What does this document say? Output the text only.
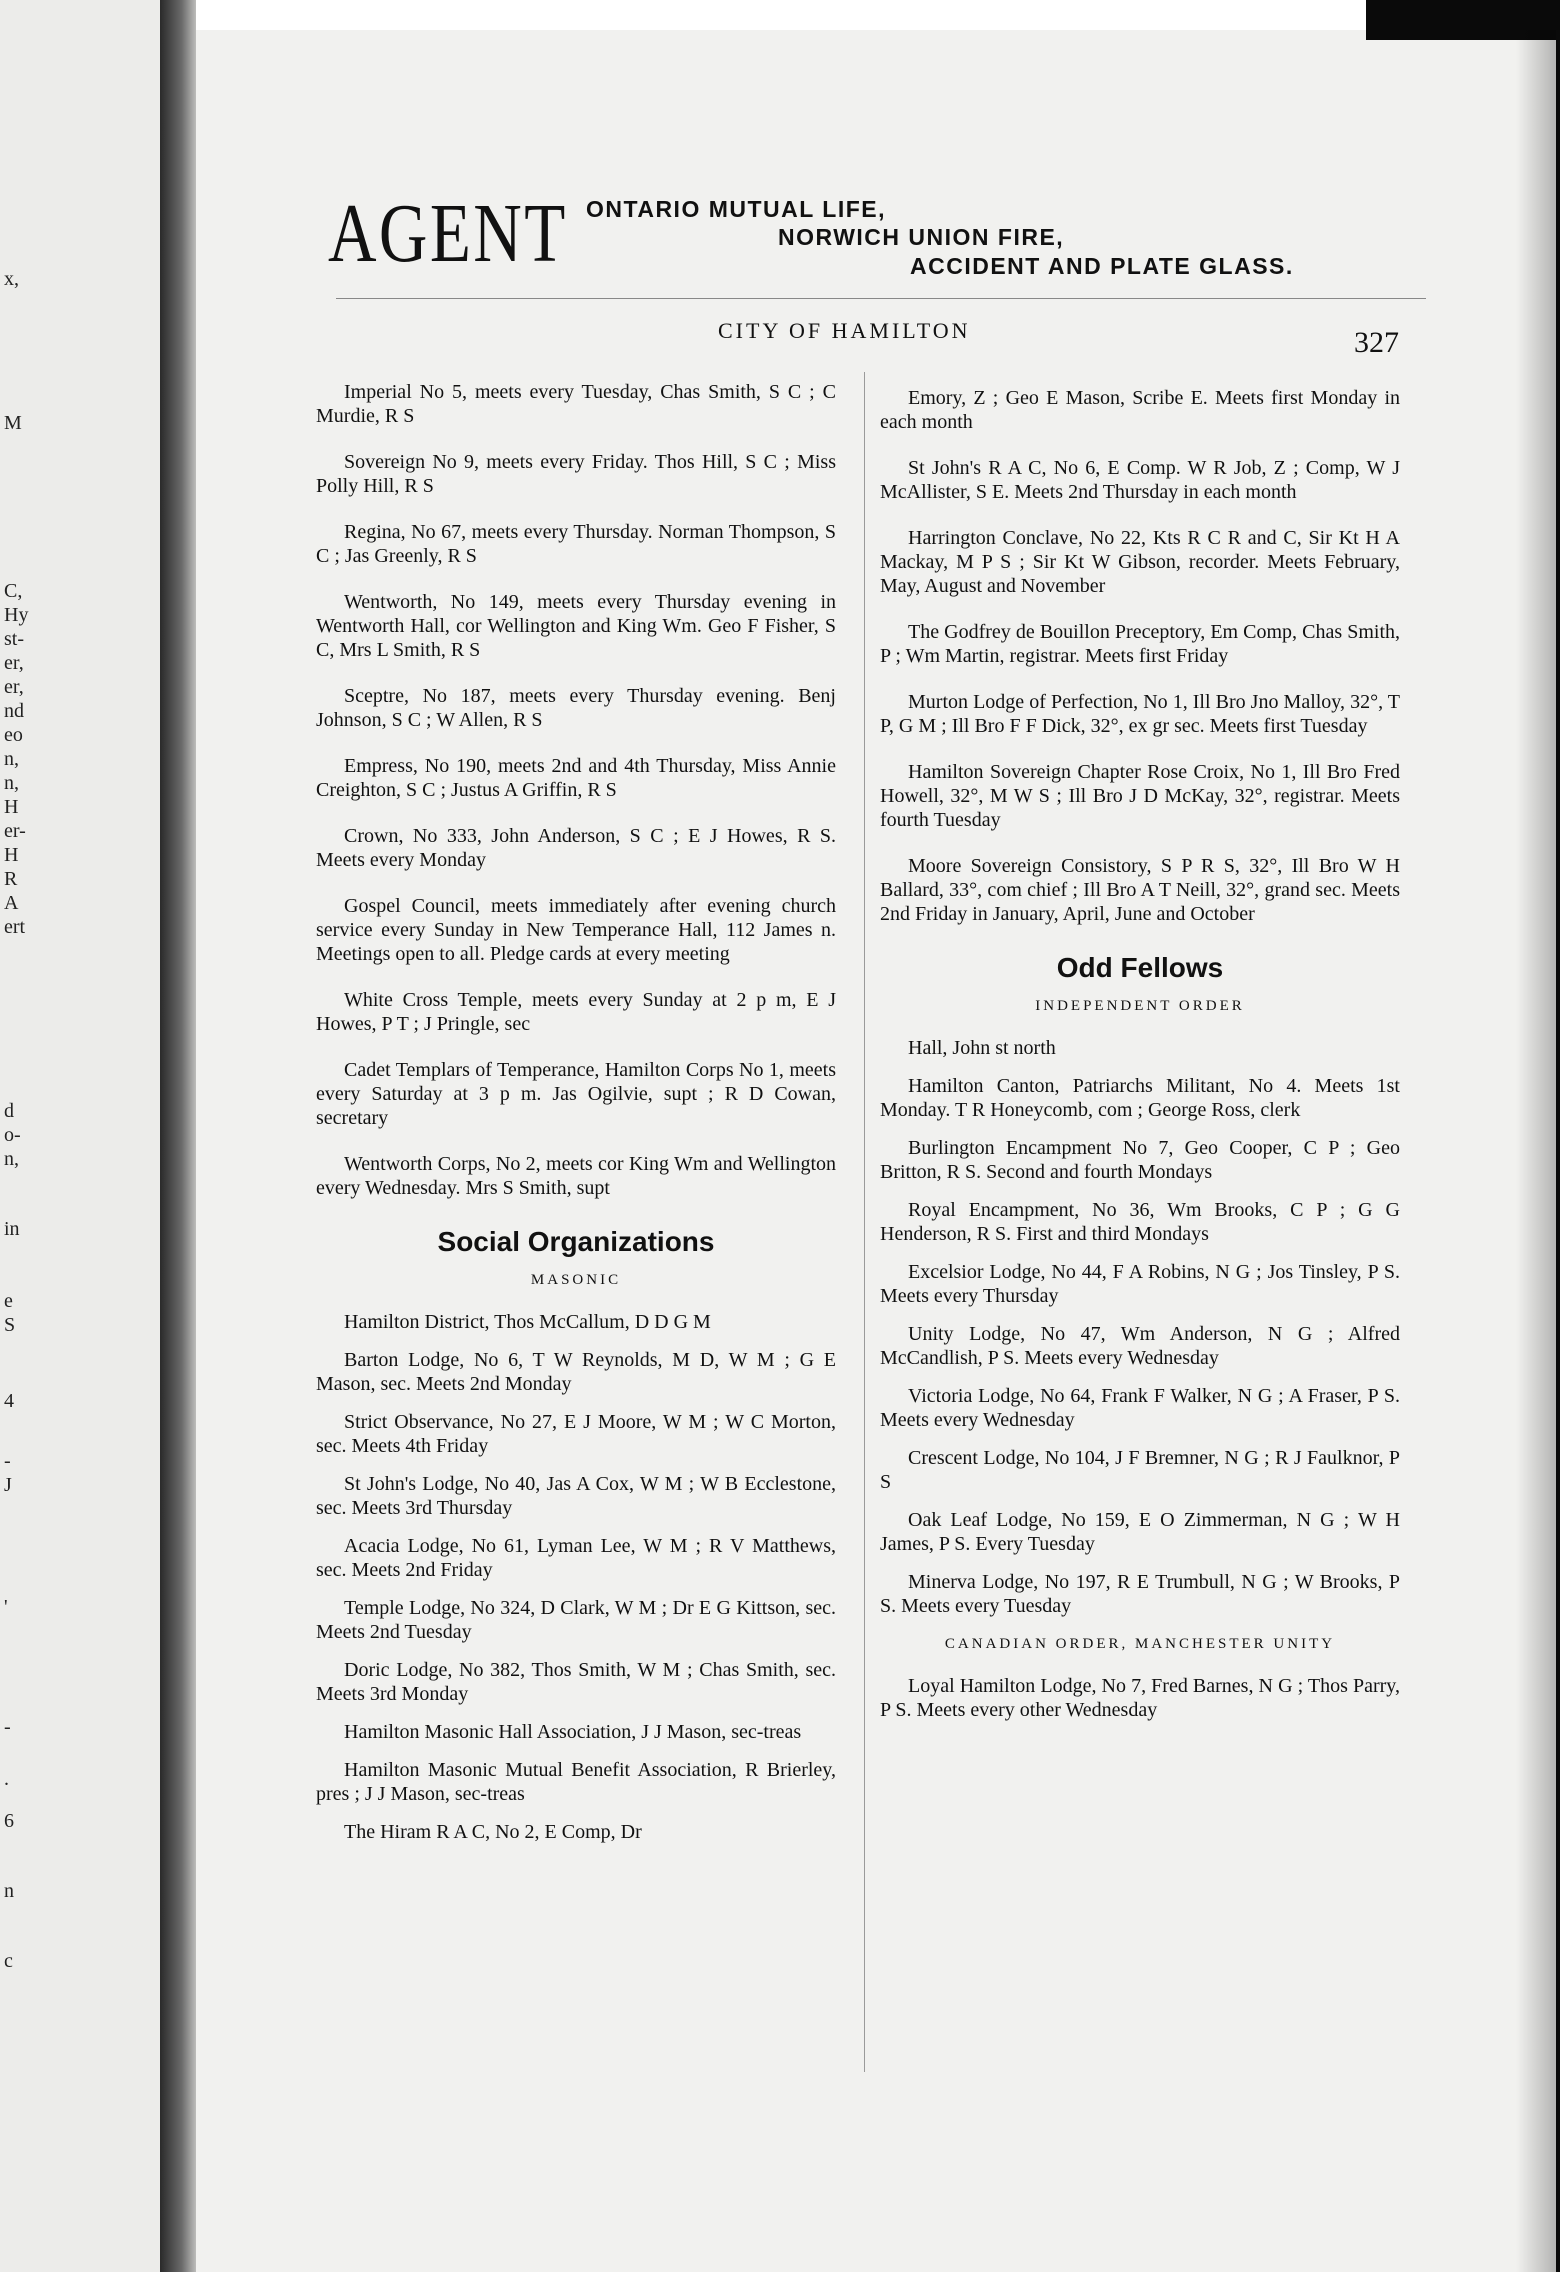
x,
M
C,
Hy
st-
er,
er,
nd
eo
n,
n,
H
er-
H
R
A
ert
d
o-
n,
in
e
S
4
-
J
'
-
.
6
n
c
AGENT ONTARIO MUTUAL LIFE,
NORWICH UNION FIRE,
ACCIDENT AND PLATE GLASS.
CITY OF HAMILTON	327

Imperial No 5, meets every Tuesday, Chas Smith, S C ; C Murdie, R S

Sovereign No 9, meets every Friday. Thos Hill, S C ; Miss Polly Hill, R S

Regina, No 67, meets every Thursday. Norman Thompson, S C ; Jas Greenly, R S

Wentworth, No 149, meets every Thursday evening in Wentworth Hall, cor Wellington and King Wm. Geo F Fisher, S C, Mrs L Smith, R S

Sceptre, No 187, meets every Thursday evening. Benj Johnson, S C ; W Allen, R S

Empress, No 190, meets 2nd and 4th Thursday, Miss Annie Creighton, S C ; Justus A Griffin, R S

Crown, No 333, John Anderson, S C ; E J Howes, R S. Meets every Monday

Gospel Council, meets immediately after evening church service every Sunday in New Temperance Hall, 112 James n. Meetings open to all. Pledge cards at every meeting

White Cross Temple, meets every Sunday at 2 p m, E J Howes, P T ; J Pringle, sec

Cadet Templars of Temperance, Hamilton Corps No 1, meets every Saturday at 3 p m. Jas Ogilvie, supt ; R D Cowan, secretary

Wentworth Corps, No 2, meets cor King Wm and Wellington every Wednesday. Mrs S Smith, supt

Social Organizations
MASONIC

Hamilton District, Thos McCallum, D D G M

Barton Lodge, No 6, T W Reynolds, M D, W M ; G E Mason, sec. Meets 2nd Monday

Strict Observance, No 27, E J Moore, W M ; W C Morton, sec. Meets 4th Friday

St John's Lodge, No 40, Jas A Cox, W M ; W B Ecclestone, sec. Meets 3rd Thursday

Acacia Lodge, No 61, Lyman Lee, W M ; R V Matthews, sec. Meets 2nd Friday

Temple Lodge, No 324, D Clark, W M ; Dr E G Kittson, sec. Meets 2nd Tuesday

Doric Lodge, No 382, Thos Smith, W M ; Chas Smith, sec. Meets 3rd Monday

Hamilton Masonic Hall Association, J J Mason, sec-treas

Hamilton Masonic Mutual Benefit Association, R Brierley, pres ; J J Mason, sec-treas

The Hiram R A C, No 2, E Comp, Dr

Emory, Z ; Geo E Mason, Scribe E. Meets first Monday in each month

St John's R A C, No 6, E Comp. W R Job, Z ; Comp, W J McAllister, S E. Meets 2nd Thursday in each month

Harrington Conclave, No 22, Kts R C R and C, Sir Kt H A Mackay, M P S ; Sir Kt W Gibson, recorder. Meets February, May, August and November

The Godfrey de Bouillon Preceptory, Em Comp, Chas Smith, P ; Wm Martin, registrar. Meets first Friday

Murton Lodge of Perfection, No 1, Ill Bro Jno Malloy, 32°, T P, G M ; Ill Bro F F Dick, 32°, ex gr sec. Meets first Tuesday

Hamilton Sovereign Chapter Rose Croix, No 1, Ill Bro Fred Howell, 32°, M W S ; Ill Bro J D McKay, 32°, registrar. Meets fourth Tuesday

Moore Sovereign Consistory, S P R S, 32°, Ill Bro W H Ballard, 33°, com chief ; Ill Bro A T Neill, 32°, grand sec. Meets 2nd Friday in January, April, June and October

Odd Fellows
INDEPENDENT ORDER

Hall, John st north

Hamilton Canton, Patriarchs Militant, No 4. Meets 1st Monday. T R Honeycomb, com ; George Ross, clerk

Burlington Encampment No 7, Geo Cooper, C P ; Geo Britton, R S. Second and fourth Mondays

Royal Encampment, No 36, Wm Brooks, C P ; G G Henderson, R S. First and third Mondays

Excelsior Lodge, No 44, F A Robins, N G ; Jos Tinsley, P S. Meets every Thursday

Unity Lodge, No 47, Wm Anderson, N G ; Alfred McCandlish, P S. Meets every Wednesday

Victoria Lodge, No 64, Frank F Walker, N G ; A Fraser, P S. Meets every Wednesday

Crescent Lodge, No 104, J F Bremner, N G ; R J Faulknor, P S

Oak Leaf Lodge, No 159, E O Zimmerman, N G ; W H James, P S. Every Tuesday

Minerva Lodge, No 197, R E Trumbull, N G ; W Brooks, P S. Meets every Tuesday

CANADIAN ORDER, MANCHESTER UNITY

Loyal Hamilton Lodge, No 7, Fred Barnes, N G ; Thos Parry, P S. Meets every other Wednesday
